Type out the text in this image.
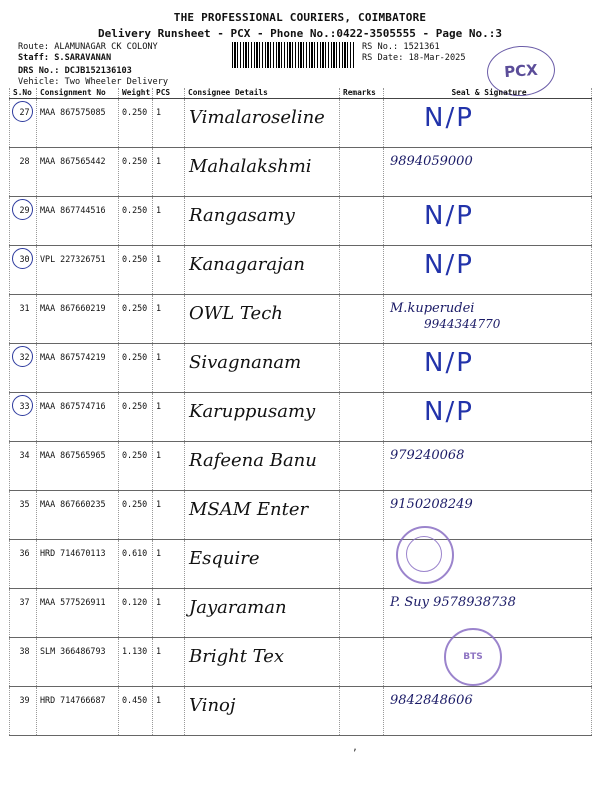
THE PROFESSIONAL COURIERS, COIMBATORE
Delivery Runsheet - PCX - Phone No.:0422-3505555 - Page No.:3
Route: ALAMUNAGAR CK COLONY
Staff: S.SARAVANAN
DRS No.: DCJB152136103
Vehicle: Two Wheeler Delivery
RS No.: 1521361
RS Date: 18-Mar-2025
PCX
S.No	Consignment No	Weight	PCS	Consignee Details	Remarks	Seal & Signature
27	MAA 867575085	0.250	1	Vimalaroseline		N/P

28	MAA 867565442	0.250	1	Mahalakshmi		9894059000

29	MAA 867744516	0.250	1	Rangasamy		N/P

30	VPL 227326751	0.250	1	Kanagarajan		N/P

31	MAA 867660219	0.250	1	OWL Tech		M.kuperudei
9944344770

32	MAA 867574219	0.250	1	Sivagnanam		N/P

33	MAA 867574716	0.250	1	Karuppusamy		N/P

34	MAA 867565965	0.250	1	Rafeena Banu		979240068

35	MAA 867660235	0.250	1	MSAM Enter		9150208249

36	HRD 714670113	0.610	1	Esquire		

37	MAA 577526911	0.120	1	Jayaraman		P. Suy 9578938738

38	SLM 366486793	1.130	1	Bright Tex		BTS

39	HRD 714766687	0.450	1	Vinoj		9842848606
,
